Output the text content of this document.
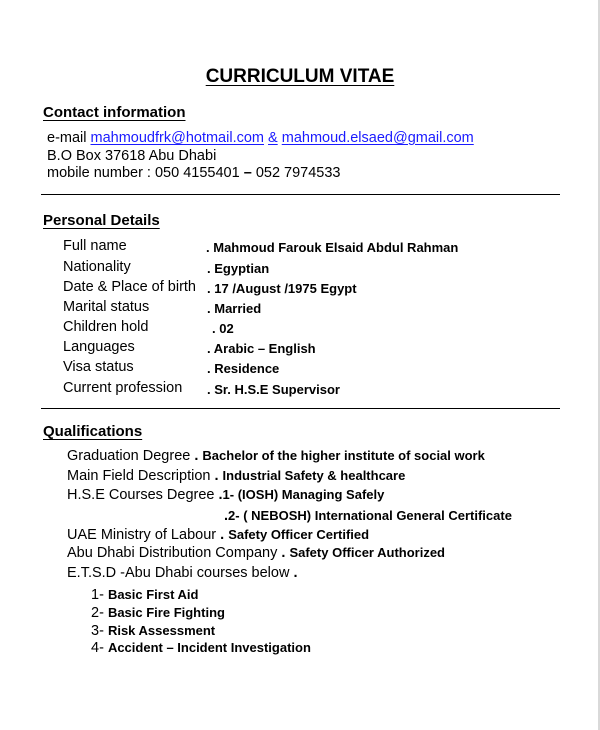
CURRICULUM VITAE
Contact information
e-mail mahmoudfrk@hotmail.com & mahmoud.elsaed@gmail.com
B.O Box 37618 Abu Dhabi
mobile number : 050 4155401 – 052 7974533
Personal Details
Full name	. Mahmoud Farouk Elsaid Abdul Rahman
Nationality	. Egyptian
Date & Place of birth . 17 /August /1975 Egypt
Marital status	. Married
Children hold	. 02
Languages	. Arabic – English
Visa status	. Residence
Current profession . Sr. H.S.E Supervisor
Qualifications
Graduation Degree . Bachelor of the higher institute of social work
Main Field Description . Industrial Safety & healthcare
H.S.E Courses Degree .1- (IOSH) Managing Safely
.2- ( NEBOSH) International General Certificate
UAE Ministry of Labour . Safety Officer Certified
Abu Dhabi Distribution Company . Safety Officer Authorized
E.T.S.D -Abu Dhabi courses below .
1- Basic First Aid
2- Basic Fire Fighting
3- Risk Assessment
4- Accident – Incident Investigation
